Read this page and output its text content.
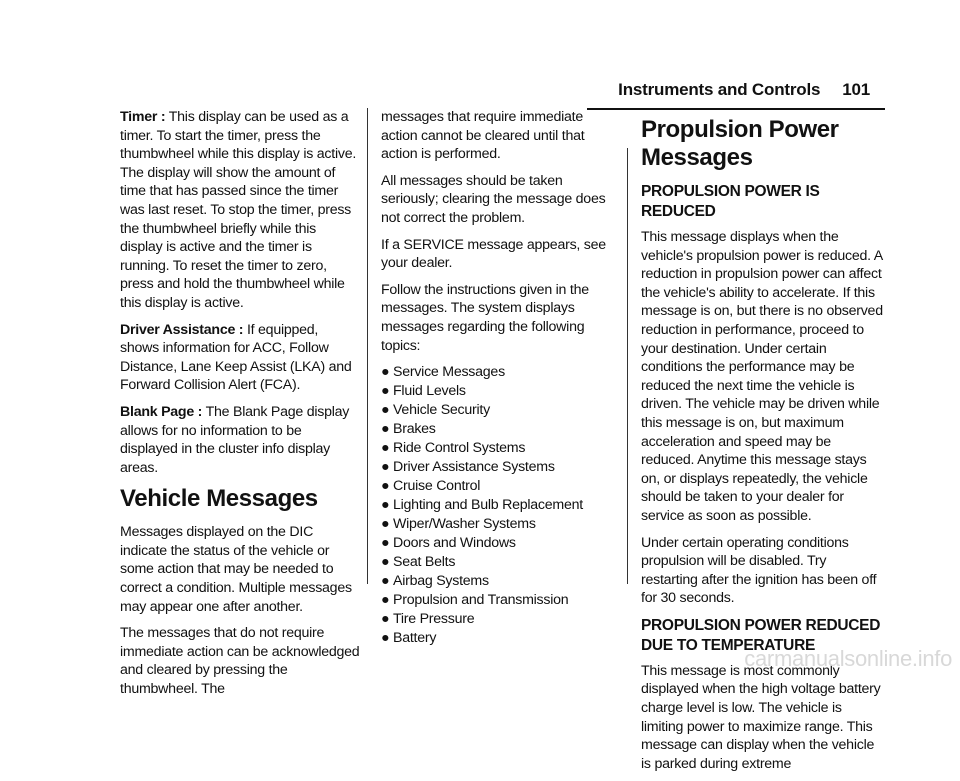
Instruments and Controls 101

Timer : This display can be used as a timer. To start the timer, press the thumbwheel while this display is active. The display will show the amount of time that has passed since the timer was last reset. To stop the timer, press the thumbwheel briefly while this display is active and the timer is running. To reset the timer to zero, press and hold the thumbwheel while this display is active.

Driver Assistance : If equipped, shows information for ACC, Follow Distance, Lane Keep Assist (LKA) and Forward Collision Alert (FCA).

Blank Page : The Blank Page display allows for no information to be displayed in the cluster info display areas.

Vehicle Messages

Messages displayed on the DIC indicate the status of the vehicle or some action that may be needed to correct a condition. Multiple messages may appear one after another.

The messages that do not require immediate action can be acknowledged and cleared by pressing the thumbwheel. The

messages that require immediate action cannot be cleared until that action is performed.

All messages should be taken seriously; clearing the message does not correct the problem.

If a SERVICE message appears, see your dealer.

Follow the instructions given in the messages. The system displays messages regarding the following topics:

● Service Messages
● Fluid Levels
● Vehicle Security
● Brakes
● Ride Control Systems
● Driver Assistance Systems
● Cruise Control
● Lighting and Bulb Replacement
● Wiper/Washer Systems
● Doors and Windows
● Seat Belts
● Airbag Systems
● Propulsion and Transmission
● Tire Pressure
● Battery
Propulsion Power Messages
PROPULSION POWER IS REDUCED

This message displays when the vehicle's propulsion power is reduced. A reduction in propulsion power can affect the vehicle's ability to accelerate. If this message is on, but there is no observed reduction in performance, proceed to your destination. Under certain conditions the performance may be reduced the next time the vehicle is driven. The vehicle may be driven while this message is on, but maximum acceleration and speed may be reduced. Anytime this message stays on, or displays repeatedly, the vehicle should be taken to your dealer for service as soon as possible.

Under certain operating conditions propulsion will be disabled. Try restarting after the ignition has been off for 30 seconds.

PROPULSION POWER REDUCED DUE TO TEMPERATURE

This message is most commonly displayed when the high voltage battery charge level is low. The vehicle is limiting power to maximize range. This message can display when the vehicle is parked during extreme

carmanualsonline.info
